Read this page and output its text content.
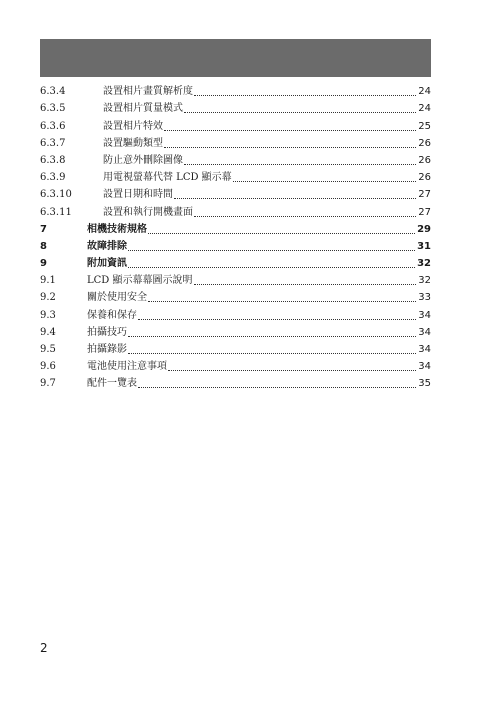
6.3.4	設置相片畫質解析度	24
6.3.5	設置相片質量模式	24
6.3.6	設置相片特效	25
6.3.7	設置驅動類型	26
6.3.8	防止意外刪除圖像	26
6.3.9	用電視螢幕代替 LCD 顯示幕	26
6.3.10	設置日期和時間	27
6.3.11	設置和執行開機畫面	27
7	相機技術規格	29
8	故障排除	31
9	附加資訊	32
9.1	LCD 顯示幕幕圖示說明	32
9.2	關於使用安全	33
9.3	保養和保存	34
9.4	拍攝技巧	34
9.5	拍攝錄影	34
9.6	電池使用注意事項	34
9.7	配件一覽表	35
2
